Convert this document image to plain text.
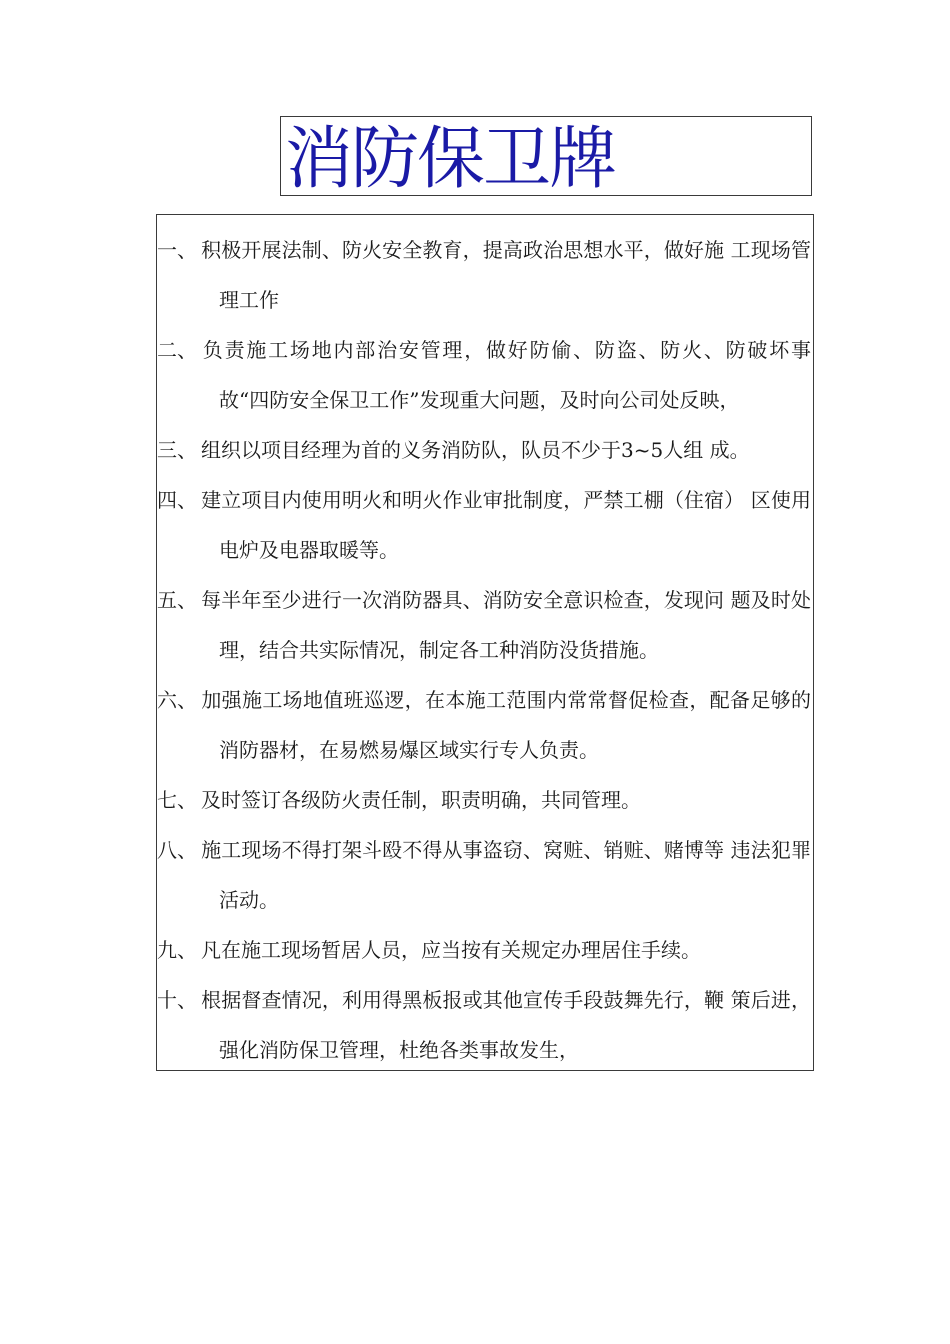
消防保卫牌
一、 积极开展法制、防火安全教育，提高政治思想水平，做好施 工现场管理工作
二、 负责施工场地内部治安管理，做好防偷、防盗、防火、防破坏事故“四防安全保卫工作”发现重大问题，及时向公司处反映，
三、 组织以项目经理为首的义务消防队，队员不少于3~5人组 成。
四、 建立项目内使用明火和明火作业审批制度，严禁工棚（住宿） 区使用电炉及电器取暖等。
五、 每半年至少进行一次消防器具、消防安全意识检查，发现问 题及时处理，结合共实际情况，制定各工种消防没货措施。
六、 加强施工场地值班巡逻，在本施工范围内常常督促检查，配备足够的消防器材，在易燃易爆区域实行专人负责。
七、 及时签订各级防火责任制，职责明确，共同管理。
八、 施工现场不得打架斗殴不得从事盗窃、窝赃、销赃、赌博等 违法犯罪活动。
九、 凡在施工现场暂居人员，应当按有关规定办理居住手续。
十、 根据督查情况，利用得黑板报或其他宣传手段鼓舞先行，鞭 策后进，强化消防保卫管理，杜绝各类事故发生，
